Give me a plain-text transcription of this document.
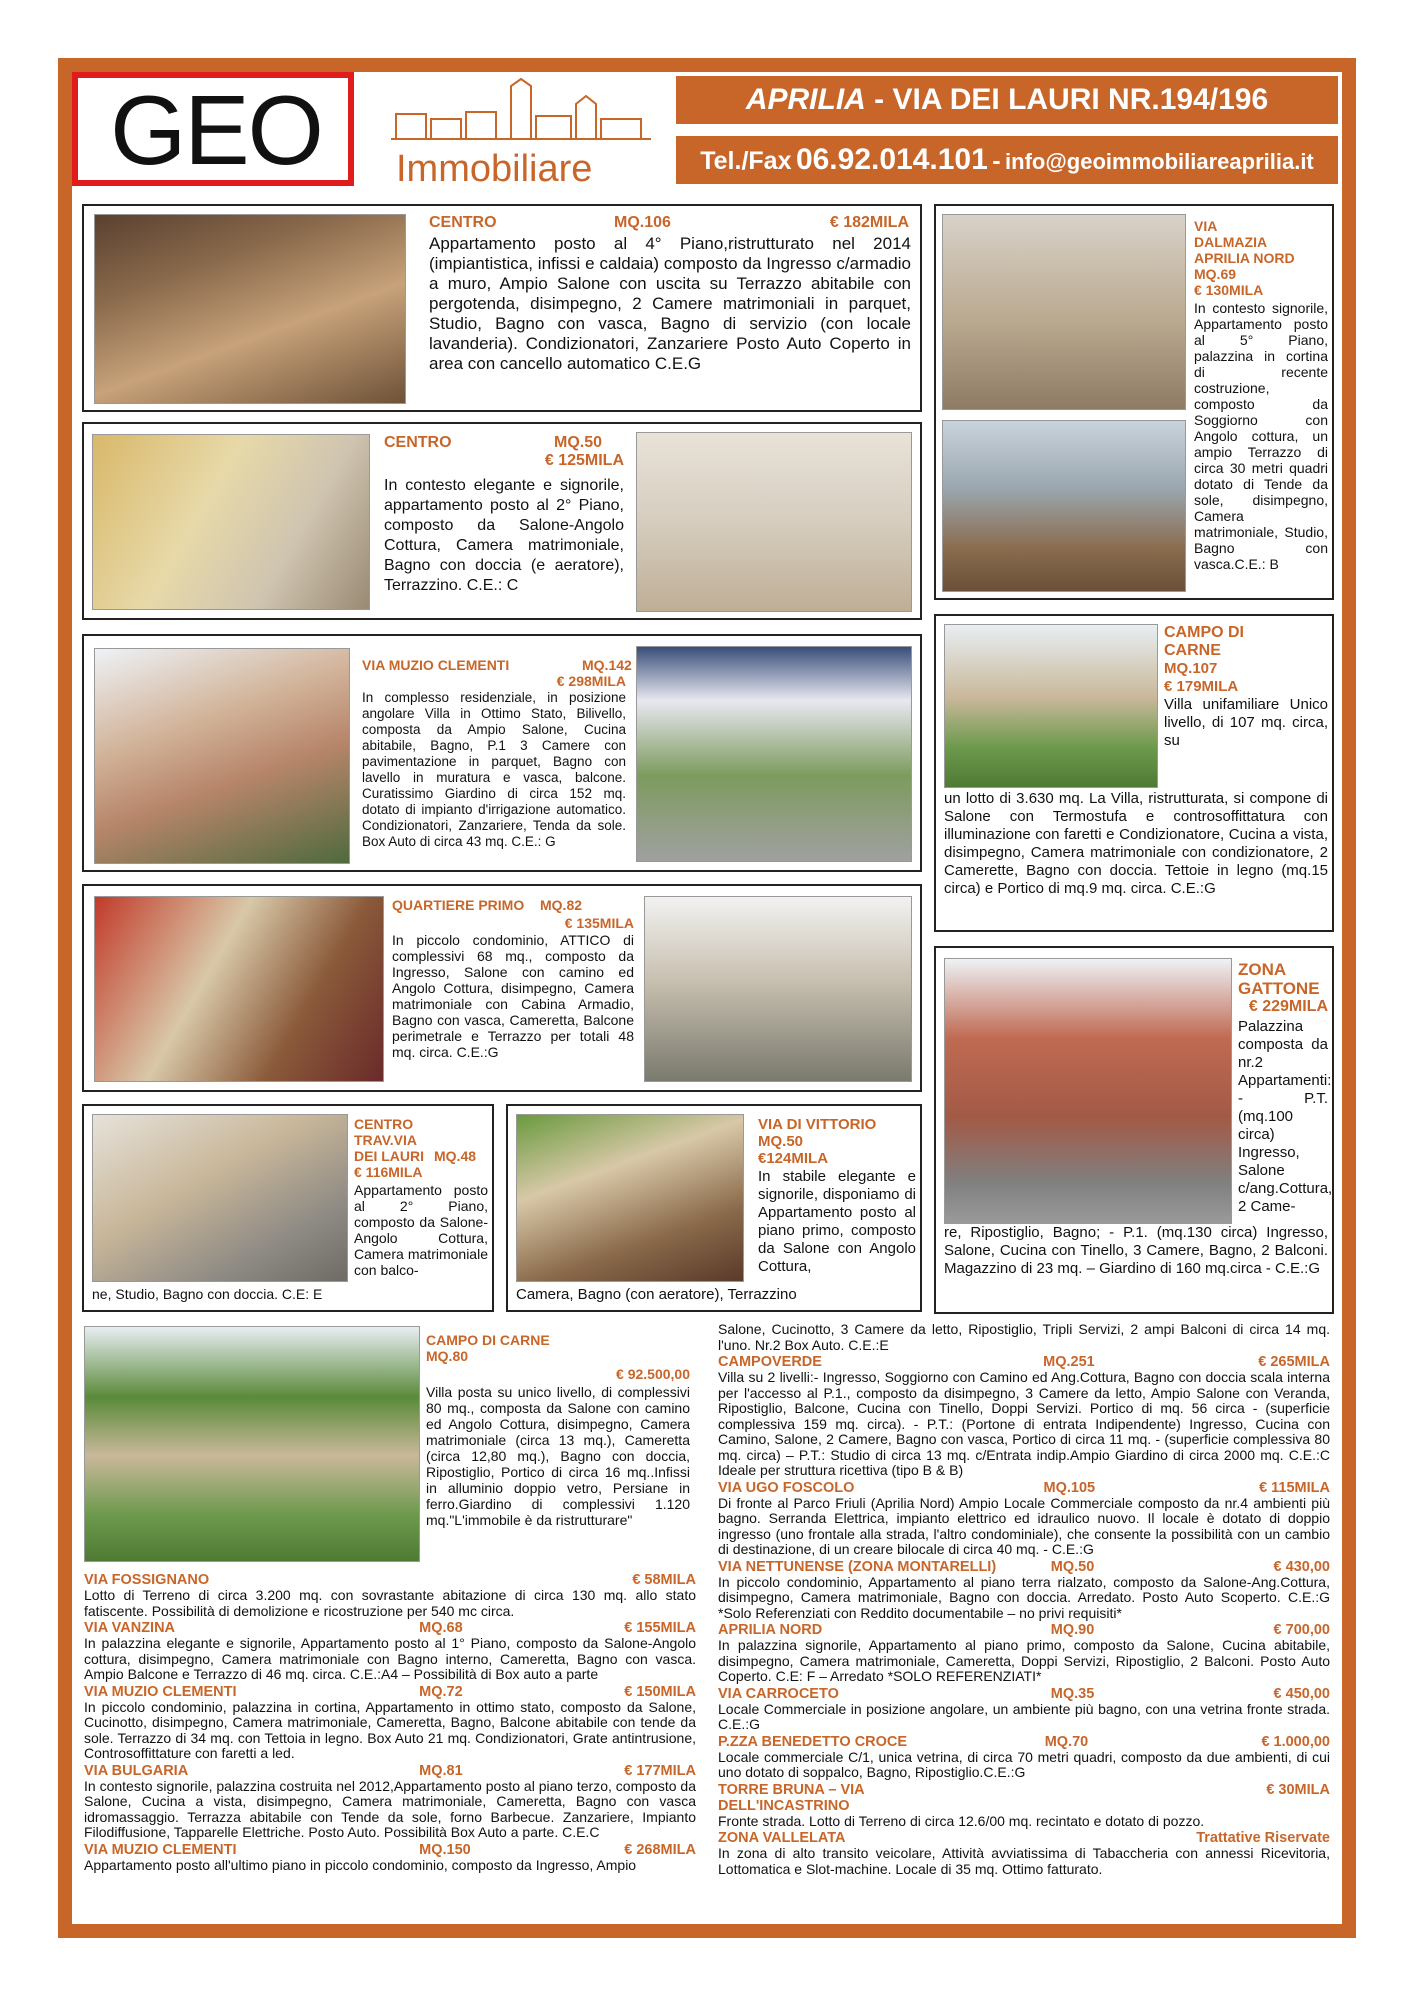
GEO	Immobiliare
APRILIA - VIA DEI LAURI NR.194/196
Tel./Fax 06.92.014.101 - info@geoimmobiliareaprilia.it
CENTRO	MQ.106	€ 182MILA
Appartamento posto al 4° Piano,ristrutturato nel 2014 (impiantistica, infissi e caldaia) composto da Ingresso c/armadio a muro, Ampio Salone con uscita su Terrazzo abitabile con pergotenda, disimpegno, 2 Camere matrimoniali in parquet, Studio, Bagno con vasca, Bagno di servizio (con locale lavanderia). Condizionatori, Zanzariere Posto Auto Coperto in area con cancello automatico C.E.G
CENTRO	MQ.50
€ 125MILA
In contesto elegante e signorile, appartamento posto al 2° Piano, composto da Salone-Angolo Cottura, Camera matrimoniale, Bagno con doccia (e aeratore), Terrazzino. C.E.: C
VIA
DALMAZIA
APRILIA NORD
MQ.69
€ 130MILA
In contesto signorile, Appartamento posto al 5° Piano, palazzina in cortina di recente costruzione, composto da Soggiorno con Angolo cottura, un ampio Terrazzo di circa 30 metri quadri dotato di Tende da sole, disimpegno, Camera matrimoniale, Studio, Bagno con vasca.C.E.: B
VIA MUZIO CLEMENTI	MQ.142
€ 298MILA
In complesso residenziale, in posizione angolare Villa in Ottimo Stato, Bilivello, composta da Ampio Salone, Cucina abitabile, Bagno, P.1 3 Camere con pavimentazione in parquet, Bagno con lavello in muratura e vasca, balcone. Curatissimo Giardino di circa 152 mq. dotato di impianto d'irrigazione automatico. Condizionatori, Zanzariere, Tenda da sole. Box Auto di circa 43 mq. C.E.: G
CAMPO DI
CARNE
MQ.107
€ 179MILA
Villa unifamiliare Unico livello, di 107 mq. circa, su
un lotto di 3.630 mq. La Villa, ristrutturata, si compone di Salone con Termostufa e controsoffittatura con illuminazione con faretti e Condizionatore, Cucina a vista, disimpegno, Camera matrimoniale con condizionatore, 2 Camerette, Bagno con doccia. Tettoie in legno (mq.15 circa) e Portico di mq.9 mq. circa. C.E.:G
QUARTIERE PRIMO MQ.82
€ 135MILA
In piccolo condominio, ATTICO di complessivi 68 mq., composto da Ingresso, Salone con camino ed Angolo Cottura, disimpegno, Camera matrimoniale con Cabina Armadio, Bagno con vasca, Cameretta, Balcone perimetrale e Terrazzo per totali 48 mq. circa. C.E.:G
ZONA
GATTONE
€ 229MILA
Palazzina composta da nr.2 Appartamenti: - P.T. (mq.100 circa) Ingresso, Salone c/ang.Cottura, 2 Came-
re, Ripostiglio, Bagno; - P.1. (mq.130 circa) Ingresso, Salone, Cucina con Tinello, 3 Camere, Bagno, 2 Balconi. Magazzino di 23 mq. – Giardino di 160 mq.circa - C.E.:G
CENTRO
TRAV.VIA
DEI LAURI MQ.48
€ 116MILA
Appartamento posto al 2° Piano, composto da Salone-Angolo Cottura, Camera matrimoniale con balco-
ne, Studio, Bagno con doccia. C.E: E
VIA DI VITTORIO
MQ.50
€124MILA
In stabile elegante e signorile, disponiamo di Appartamento posto al piano primo, composto da Salone con Angolo Cottura,
Camera, Bagno (con aeratore), Terrazzino
CAMPO DI CARNE
MQ.80
€ 92.500,00
Villa posta su unico livello, di complessivi 80 mq., composta da Salone con camino ed Angolo Cottura, disimpegno, Camera matrimoniale (circa 13 mq.), Cameretta (circa 12,80 mq.), Bagno con doccia, Ripostiglio, Portico di circa 16 mq..Infissi in alluminio doppio vetro, Persiane in ferro.Giardino di complessivi 1.120 mq."L'immobile è da ristrutturare"
VIA FOSSIGNANO	€ 58MILA
Lotto di Terreno di circa 3.200 mq. con sovrastante abitazione di circa 130 mq. allo stato fatiscente. Possibilità di demolizione e ricostruzione per 540 mc circa.
VIA VANZINA	MQ.68	€ 155MILA
In palazzina elegante e signorile, Appartamento posto al 1° Piano, composto da Salone-Angolo cottura, disimpegno, Camera matrimoniale con Bagno interno, Cameretta, Bagno con vasca. Ampio Balcone e Terrazzo di 46 mq. circa. C.E.:A4 – Possibilità di Box auto a parte
VIA MUZIO CLEMENTI	MQ.72	€ 150MILA
In piccolo condominio, palazzina in cortina, Appartamento in ottimo stato, composto da Salone, Cucinotto, disimpegno, Camera matrimoniale, Cameretta, Bagno, Balcone abitabile con tende da sole. Terrazzo di 34 mq. con Tettoia in legno. Box Auto 21 mq. Condizionatori, Grate antintrusione, Controsoffittature con faretti a led.
VIA BULGARIA	MQ.81	€ 177MILA
In contesto signorile, palazzina costruita nel 2012,Appartamento posto al piano terzo, composto da Salone, Cucina a vista, disimpegno, Camera matrimoniale, Cameretta, Bagno con vasca idromassaggio. Terrazza abitabile con Tende da sole, forno Barbecue. Zanzariere, Impianto Filodiffusione, Tapparelle Elettriche. Posto Auto. Possibilità Box Auto a parte. C.E.C
VIA MUZIO CLEMENTI	MQ.150	€ 268MILA
Appartamento posto all'ultimo piano in piccolo condominio, composto da Ingresso, Ampio
Salone, Cucinotto, 3 Camere da letto, Ripostiglio, Tripli Servizi, 2 ampi Balconi di circa 14 mq. l'uno. Nr.2 Box Auto. C.E.:E
CAMPOVERDE	MQ.251	€ 265MILA
Villa su 2 livelli:- Ingresso, Soggiorno con Camino ed Ang.Cottura, Bagno con doccia scala interna per l'accesso al P.1., composto da disimpegno, 3 Camere da letto, Ampio Salone con Veranda, Ripostiglio, Balcone, Cucina con Tinello, Doppi Servizi. Portico di mq. 56 circa - (superficie complessiva 159 mq. circa). - P.T.: (Portone di entrata Indipendente) Ingresso, Cucina con Camino, Salone, 2 Camere, Bagno con vasca, Portico di circa 11 mq. - (superficie complessiva 80 mq. circa) – P.T.: Studio di circa 13 mq. c/Entrata indip.Ampio Giardino di circa 2000 mq. C.E.:C Ideale per struttura ricettiva (tipo B & B)
VIA UGO FOSCOLO	MQ.105	€ 115MILA
Di fronte al Parco Friuli (Aprilia Nord) Ampio Locale Commerciale composto da nr.4 ambienti più bagno. Serranda Elettrica, impianto elettrico ed idraulico nuovo. Il locale è dotato di doppio ingresso (uno frontale alla strada, l'altro condominiale), che consente la possibilità con un cambio di destinazione, di un creare bilocale di circa 40 mq. - C.E.:G
VIA NETTUNENSE (ZONA MONTARELLI)	MQ.50	€ 430,00
In piccolo condominio, Appartamento al piano terra rialzato, composto da Salone-Ang.Cottura, disimpegno, Camera matrimoniale, Bagno con doccia. Arredato. Posto Auto Scoperto. C.E.:G *Solo Referenziati con Reddito documentabile – no privi requisiti*
APRILIA NORD	MQ.90	€ 700,00
In palazzina signorile, Appartamento al piano primo, composto da Salone, Cucina abitabile, disimpegno, Camera matrimoniale, Cameretta, Doppi Servizi, Ripostiglio, 2 Balconi. Posto Auto Coperto. C.E: F – Arredato *SOLO REFERENZIATI*
VIA CARROCETO	MQ.35	€ 450,00
Locale Commerciale in posizione angolare, un ambiente più bagno, con una vetrina fronte strada. C.E.:G
P.ZZA BENEDETTO CROCE	MQ.70	€ 1.000,00
Locale commerciale C/1, unica vetrina, di circa 70 metri quadri, composto da due ambienti, di cui uno dotato di soppalco, Bagno, Ripostiglio.C.E.:G
TORRE BRUNA – VIA DELL'INCASTRINO
€ 30MILA
Fronte strada. Lotto di Terreno di circa 12.6/00 mq. recintato e dotato di pozzo.
ZONA VALLELATA	Trattative Riservate
In zona di alto transito veicolare, Attività avviatissima di Tabaccheria con annessi Ricevitoria, Lottomatica e Slot-machine. Locale di 35 mq. Ottimo fatturato.
